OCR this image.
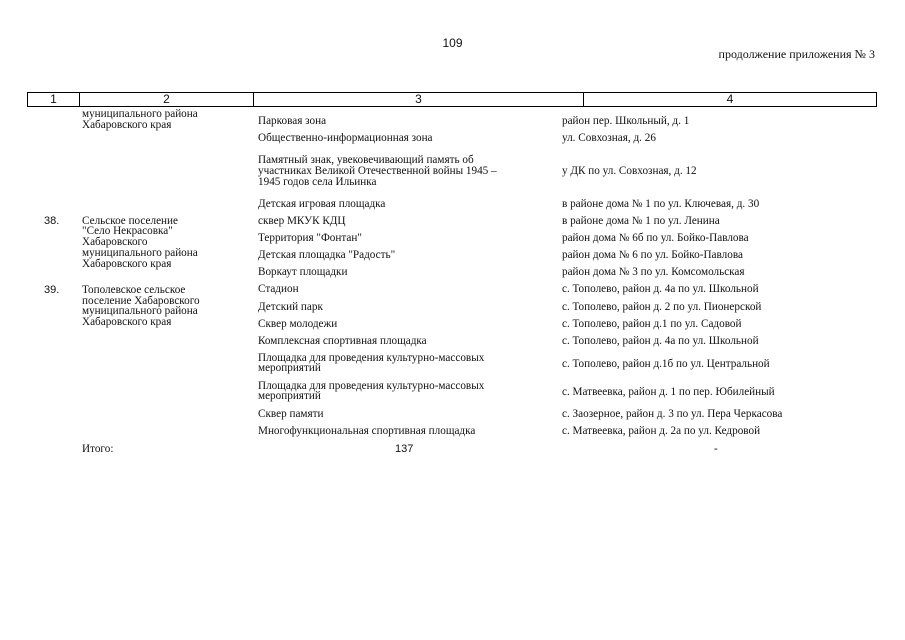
109
продолжение приложения № 3
1	2	3	4
муниципального района
Хабаровского края	Парковая зона	район пер. Школьный, д. 1
Общественно-информационная зона	ул. Совхозная, д. 26
Памятный знак, увековечивающий память об
участниках Великой Отечественной войны 1945 –
1945 годов села Ильинка
у ДК по ул. Совхозная, д. 12
Детская игровая площадка	в районе дома № 1 по ул. Ключевая, д. 30
38. Сельское поселение
"Село Некрасовка"
Хабаровского
муниципального района
Хабаровского края
сквер МКУК КДЦ	в районе дома № 1 по ул. Ленина
Территория "Фонтан"	район дома № 6б по ул. Бойко-Павлова
Детская площадка "Радость"	район дома № 6 по ул. Бойко-Павлова
Воркаут площадки	район дома № 3 по ул. Комсомольская
39. Тополевское сельское
поселение Хабаровского
муниципального района
Хабаровского края
Стадион	с. Тополево, район д. 4а по ул. Школьной
Детский парк	с. Тополево, район д. 2 по ул. Пионерской
Сквер молодежи	с. Тополево, район д.1 по ул. Садовой
Комплексная спортивная площадка	с. Тополево, район д. 4а по ул. Школьной
Площадка для проведения культурно-массовых
мероприятий	с. Тополево, район д.1б по ул. Центральной
Площадка для проведения культурно-массовых
мероприятий	с. Матвеевка, район д. 1 по пер. Юбилейный
Сквер памяти	с. Заозерное, район д. 3 по ул. Пера Черкасова
Многофункциональная спортивная площадка	с. Матвеевка, район д. 2а по ул. Кедровой
Итого:	137	-
